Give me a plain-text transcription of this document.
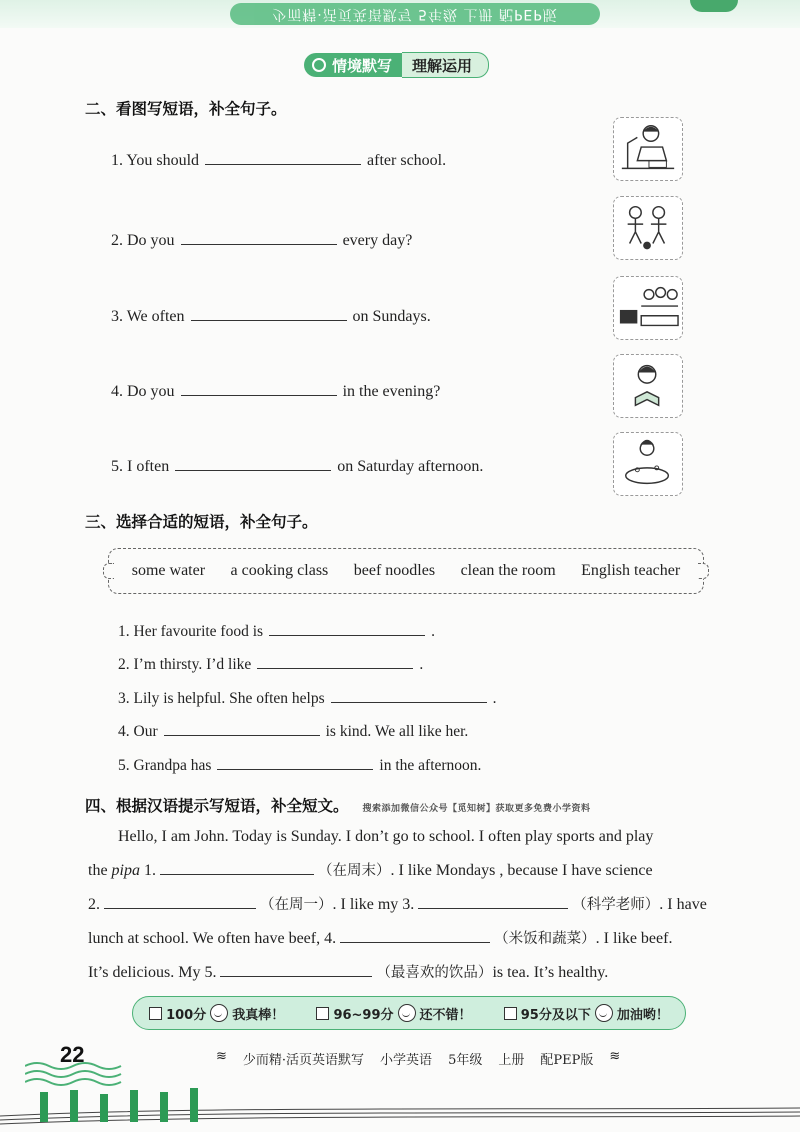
少而精·活页英语默写 5年级 上册 配PEP版
情境默写	理解运用
二、看图写短语，补全句子。
1. You should	after school.
2. Do you	every day?
3. We often	on Sundays.
4. Do you	in the evening?
5. I often	on Saturday afternoon.
三、选择合适的短语，补全句子。
some water a cooking class beef noodles clean the room English teacher
1. Her favourite food is	.
2. I’m thirsty. I’d like	.
3. Lily is helpful. She often helps	.
4. Our	is kind. We all like her.
5. Grandpa has	in the afternoon.
四、根据汉语提示写短语，补全短文。 搜索添加微信公众号【觅知树】获取更多免费小学资料
Hello, I am John. Today is Sunday. I don’t go to school. I often play sports and play
the
pipa
1.	（在周末） . I like Mondays , because I have science
2.	（在周一） . I like my 3.	（科学老师） . I have
lunch at school. We often have beef, 4.	（米饭和蔬菜） . I like beef.
It’s delicious. My 5.	（最喜欢的饮品） is tea. It’s healthy.
100分 我真棒！	96~99分 还不错！	95分及以下 加油哟！
22	≋ 少而精·活页英语默写 小学英语 5年级 上册 配PEP版 ≋
